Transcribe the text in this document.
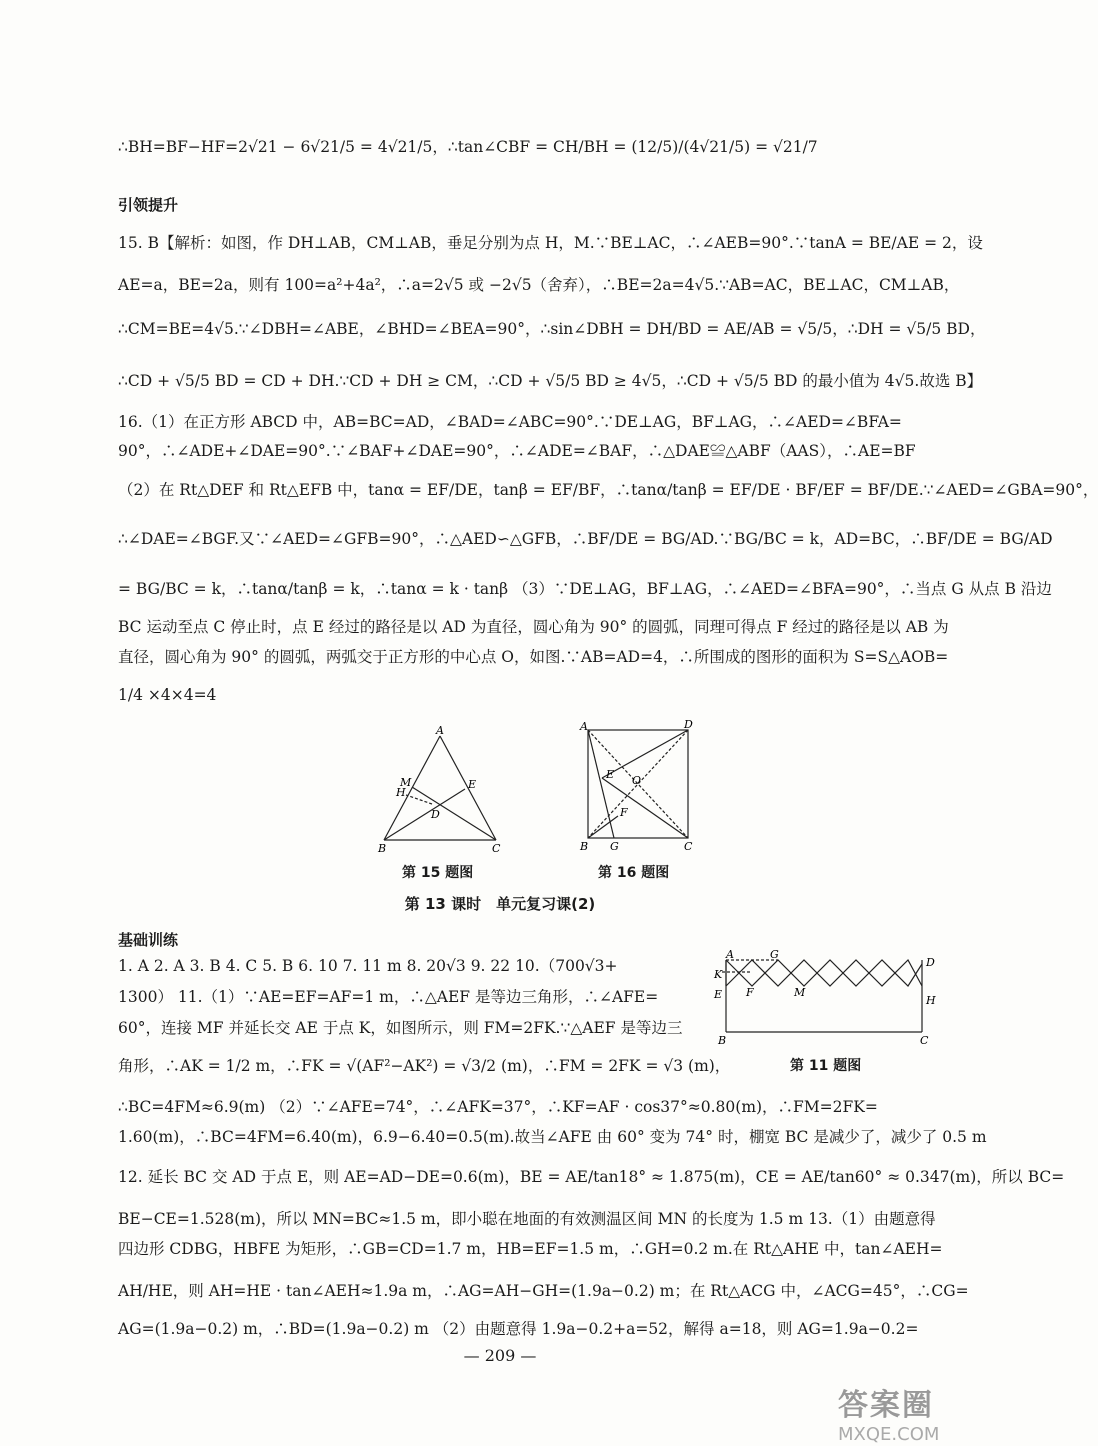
∴BH=BF−HF=2√21 − 6√21/5 = 4√21/5，∴tan∠CBF = CH/BH = (12/5)/(4√21/5) = √21/7
引领提升
15. B【解析：如图，作 DH⊥AB，CM⊥AB，垂足分别为点 H，M.∵BE⊥AC，∴∠AEB=90°.∵tanA = BE/AE = 2，设
AE=a，BE=2a，则有 100=a²+4a²，∴a=2√5 或 −2√5（舍弃），∴BE=2a=4√5.∵AB=AC，BE⊥AC，CM⊥AB，
∴CM=BE=4√5.∵∠DBH=∠ABE，∠BHD=∠BEA=90°，∴sin∠DBH = DH/BD = AE/AB = √5/5，∴DH = √5/5 BD，
∴CD + √5/5 BD = CD + DH.∵CD + DH ≥ CM，∴CD + √5/5 BD ≥ 4√5，∴CD + √5/5 BD 的最小值为 4√5.故选 B】
16.（1）在正方形 ABCD 中，AB=BC=AD，∠BAD=∠ABC=90°.∵DE⊥AG，BF⊥AG，∴∠AED=∠BFA=
90°，∴∠ADE+∠DAE=90°.∵∠BAF+∠DAE=90°，∴∠ADE=∠BAF，∴△DAE≌△ABF（AAS），∴AE=BF
（2）在 Rt△DEF 和 Rt△EFB 中，tanα = EF/DE，tanβ = EF/BF，∴tanα/tanβ = EF/DE · BF/EF = BF/DE.∵∠AED=∠GBA=90°，
∴∠DAE=∠BGF.又∵∠AED=∠GFB=90°，∴△AED∽△GFB，∴BF/DE = BG/AD.∵BG/BC = k，AD=BC，∴BF/DE = BG/AD
= BG/BC = k，∴tanα/tanβ = k，∴tanα = k · tanβ （3）∵DE⊥AG，BF⊥AG，∴∠AED=∠BFA=90°，∴当点 G 从点 B 沿边
BC 运动至点 C 停止时，点 E 经过的路径是以 AD 为直径，圆心角为 90° 的圆弧，同理可得点 F 经过的路径是以 AB 为
直径，圆心角为 90° 的圆弧，两弧交于正方形的中心点 O，如图.∵AB=AD=4，∴所围成的图形的面积为 S=S△AOB=
1/4 ×4×4=4
A
B	C
D
E
H
M
第 15 题图
A	D
B	C
G
E O
F
第 16 题图
第 13 课时　单元复习课(2)
基础训练
1. A 2. A 3. B 4. C 5. B 6. 10 7. 11 m 8. 20√3 9. 22 10.（700√3+
1300） 11.（1）∵AE=EF=AF=1 m，∴△AEF 是等边三角形，∴∠AFE=
60°，连接 MF 并延长交 AE 于点 K，如图所示，则 FM=2FK.∵△AEF 是等边三
角形，∴AK = 1/2 m，∴FK = √(AF²−AK²) = √3/2 (m)，∴FM = 2FK = √3 (m)，
A	G
D
K
F	M
E	H
B	C
第 11 题图
∴BC=4FM≈6.9(m) （2）∵∠AFE=74°，∴∠AFK=37°，∴KF=AF · cos37°≈0.80(m)，∴FM=2FK=
1.60(m)，∴BC=4FM=6.40(m)，6.9−6.40=0.5(m).故当∠AFE 由 60° 变为 74° 时，棚宽 BC 是减少了，减少了 0.5 m
12. 延长 BC 交 AD 于点 E，则 AE=AD−DE=0.6(m)，BE = AE/tan18° ≈ 1.875(m)，CE = AE/tan60° ≈ 0.347(m)，所以 BC=
BE−CE=1.528(m)，所以 MN=BC≈1.5 m，即小聪在地面的有效测温区间 MN 的长度为 1.5 m 13.（1）由题意得
四边形 CDBG，HBFE 为矩形，∴GB=CD=1.7 m，HB=EF=1.5 m，∴GH=0.2 m.在 Rt△AHE 中，tan∠AEH=
AH/HE，则 AH=HE · tan∠AEH≈1.9a m，∴AG=AH−GH=(1.9a−0.2) m；在 Rt△ACG 中，∠ACG=45°，∴CG=
AG=(1.9a−0.2) m，∴BD=(1.9a−0.2) m （2）由题意得 1.9a−0.2+a=52，解得 a=18，则 AG=1.9a−0.2=
— 209 —
答案圈
MXQE.COM
